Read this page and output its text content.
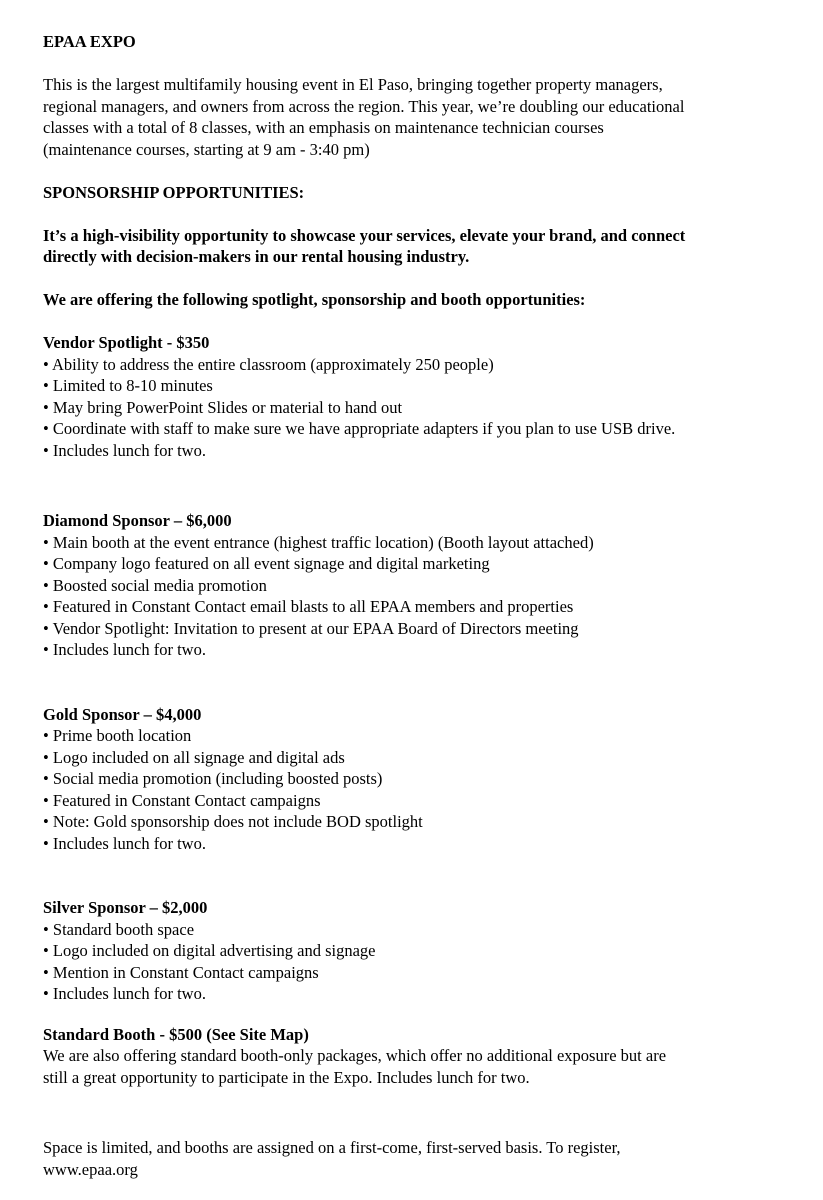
EPAA EXPO
This is the largest multifamily housing event in El Paso, bringing together property managers,
regional managers, and owners from across the region. This year, we’re doubling our educational
classes with a total of 8 classes, with an emphasis on maintenance technician courses
(maintenance courses, starting at 9 am - 3:40 pm)
SPONSORSHIP OPPORTUNITIES:
It’s a high-visibility opportunity to showcase your services, elevate your brand, and connect
directly with decision-makers in our rental housing industry.
We are offering the following spotlight, sponsorship and booth opportunities:
Vendor Spotlight - $350
• Ability to address the entire classroom (approximately 250 people)
• Limited to 8-10 minutes
• May bring PowerPoint Slides or material to hand out
• Coordinate with staff to make sure we have appropriate adapters if you plan to use USB drive.
• Includes lunch for two.
Diamond Sponsor – $6,000
• Main booth at the event entrance (highest traffic location) (Booth layout attached)
• Company logo featured on all event signage and digital marketing
• Boosted social media promotion
• Featured in Constant Contact email blasts to all EPAA members and properties
• Vendor Spotlight: Invitation to present at our EPAA Board of Directors meeting
• Includes lunch for two.
Gold Sponsor – $4,000
• Prime booth location
• Logo included on all signage and digital ads
• Social media promotion (including boosted posts)
• Featured in Constant Contact campaigns
• Note: Gold sponsorship does not include BOD spotlight
• Includes lunch for two.
Silver Sponsor – $2,000
• Standard booth space
• Logo included on digital advertising and signage
• Mention in Constant Contact campaigns
• Includes lunch for two.
Standard Booth - $500 (See Site Map)
We are also offering standard booth-only packages, which offer no additional exposure but are
still a great opportunity to participate in the Expo. Includes lunch for two.
Space is limited, and booths are assigned on a first-come, first-served basis. To register,
www.epaa.org
